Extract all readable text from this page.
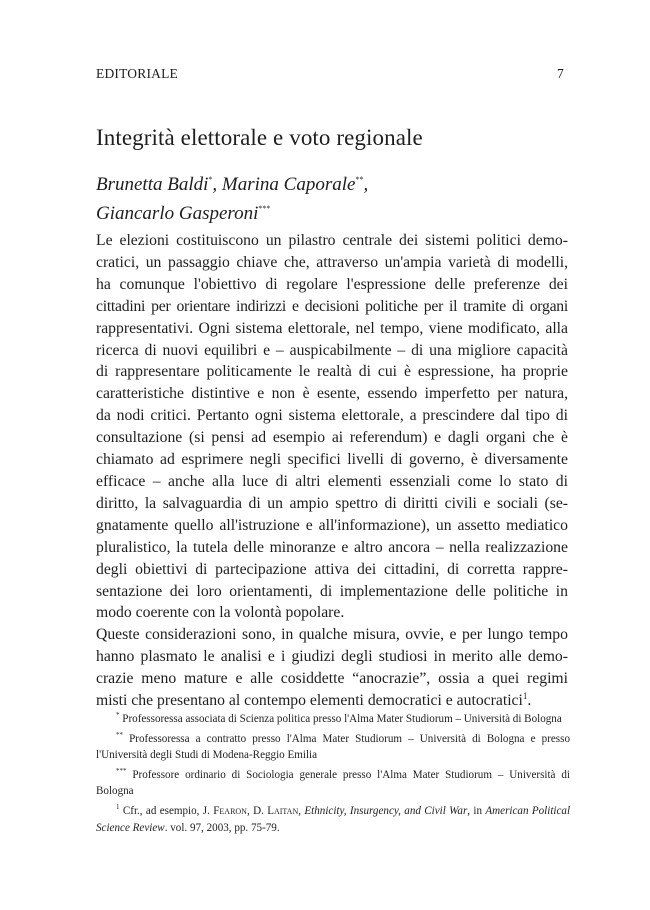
EDITORIALE	7
Integrità elettorale e voto regionale
Brunetta Baldi*, Marina Caporale**,
Giancarlo Gasperoni***

Le elezioni costituiscono un pilastro centrale dei sistemi politici demo-
cratici, un passaggio chiave che, attraverso un'ampia varietà di modelli,
ha comunque l'obiettivo di regolare l'espressione delle preferenze dei
cittadini per orientare indirizzi e decisioni politiche per il tramite di organi
rappresentativi. Ogni sistema elettorale, nel tempo, viene modificato, alla
ricerca di nuovi equilibri e – auspicabilmente – di una migliore capacità
di rappresentare politicamente le realtà di cui è espressione, ha proprie
caratteristiche distintive e non è esente, essendo imperfetto per natura,
da nodi critici. Pertanto ogni sistema elettorale, a prescindere dal tipo di
consultazione (si pensi ad esempio ai referendum) e dagli organi che è
chiamato ad esprimere negli specifici livelli di governo, è diversamente
efficace – anche alla luce di altri elementi essenziali come lo stato di
diritto, la salvaguardia di un ampio spettro di diritti civili e sociali (se-
gnatamente quello all'istruzione e all'informazione), un assetto mediatico
pluralistico, la tutela delle minoranze e altro ancora – nella realizzazione
degli obiettivi di partecipazione attiva dei cittadini, di corretta rappre-
sentazione dei loro orientamenti, di implementazione delle politiche in
modo coerente con la volontà popolare.

Queste considerazioni sono, in qualche misura, ovvie, e per lungo tempo
hanno plasmato le analisi e i giudizi degli studiosi in merito alle demo-
crazie meno mature e alle cosiddette “anocrazie”, ossia a quei regimi
misti che presentano al contempo elementi democratici e autocratici$^1$.

* Professoressa associata di Scienza politica presso l'Alma Mater Studiorum – Università di Bologna

** Professoressa a contratto presso l'Alma Mater Studiorum – Università di Bologna e presso l'Università degli Studi di Modena-Reggio Emilia

*** Professore ordinario di Sociologia generale presso l'Alma Mater Studiorum – Università di Bologna

$^1$ Cfr., ad esempio, J. Fearon, D. Laitan, Ethnicity, Insurgency, and Civil War, in American Political Science Review. vol. 97, 2003, pp. 75-79.
